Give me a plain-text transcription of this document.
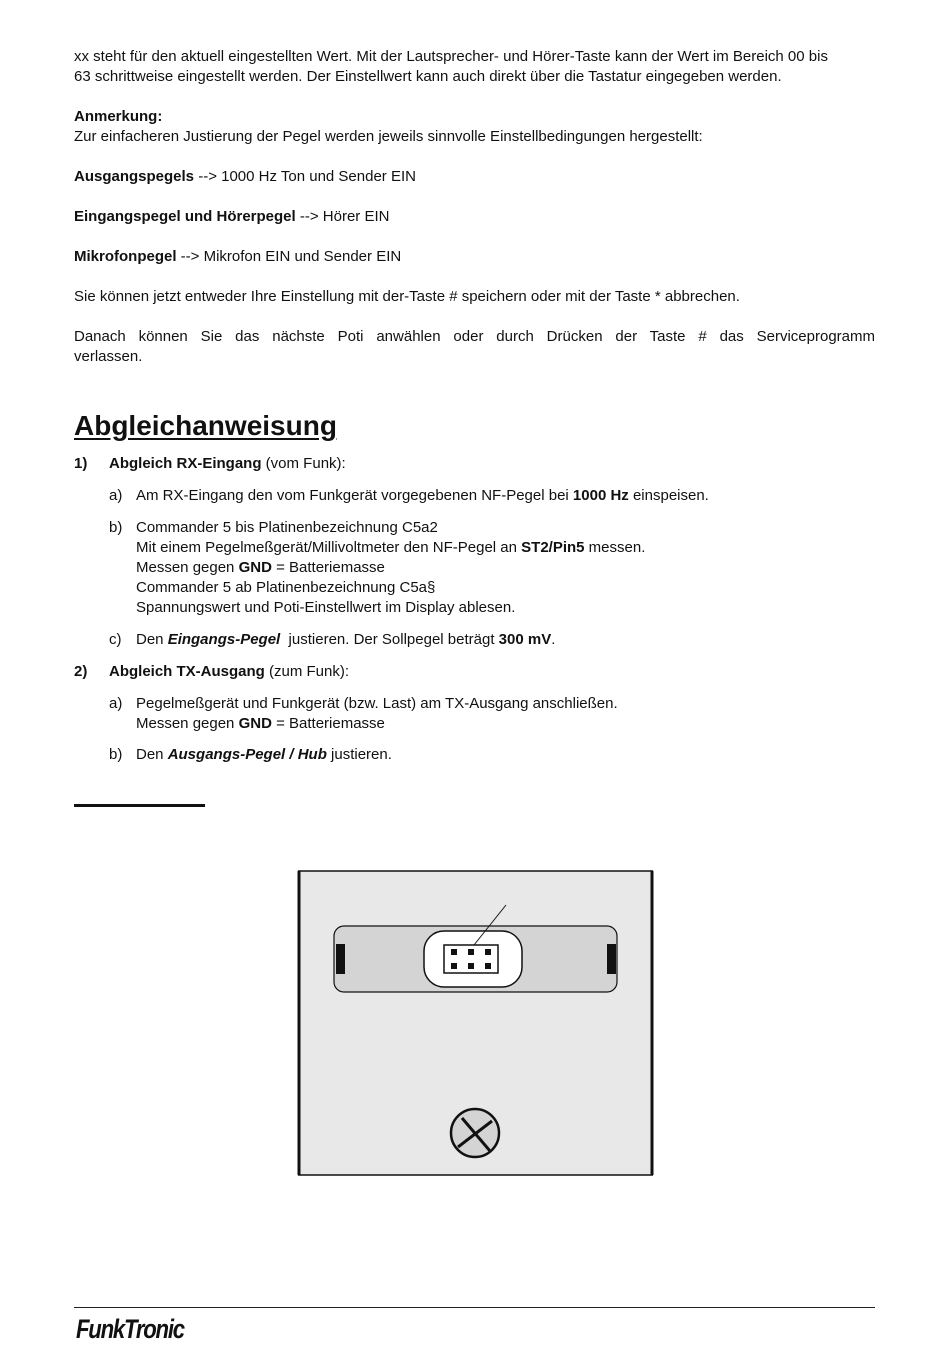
xx steht für den aktuell eingestellten Wert. Mit der Lautsprecher- und Hörer-Taste kann der Wert im Bereich 00 bis
63 schrittweise eingestellt werden. Der Einstellwert kann auch direkt über die Tastatur eingegeben werden.
Anmerkung:
Zur einfacheren Justierung der Pegel werden jeweils sinnvolle Einstellbedingungen hergestellt:
Ausgangspegels --> 1000 Hz Ton und Sender EIN
Eingangspegel und Hörerpegel --> Hörer EIN
Mikrofonpegel --> Mikrofon EIN und Sender EIN
Sie können jetzt entweder Ihre Einstellung mit der-Taste # speichern oder mit der Taste * abbrechen.
Danach können Sie das nächste Poti anwählen oder durch Drücken der Taste # das Serviceprogramm
verlassen.
Abgleichanweisung
1) Abgleich RX-Eingang (vom Funk):
a) Am RX-Eingang den vom Funkgerät vorgegebenen NF-Pegel bei 1000 Hz einspeisen.
b) Commander 5 bis Platinenbezeichnung C5a2
Mit einem Pegelmeßgerät/Millivoltmeter den NF-Pegel an ST2/Pin5 messen.
Messen gegen GND = Batteriemasse
Commander 5 ab Platinenbezeichnung C5a§
Spannungswert und Poti-Einstellwert im Display ablesen.
c) Den Eingangs-Pegel  justieren. Der Sollpegel beträgt 300 mV.
2) Abgleich TX-Ausgang (zum Funk):
a) Pegelmeßgerät und Funkgerät (bzw. Last) am TX-Ausgang anschließen.
Messen gegen GND = Batteriemasse
b) Den Ausgangs-Pegel / Hub justieren.
FunkTronic
